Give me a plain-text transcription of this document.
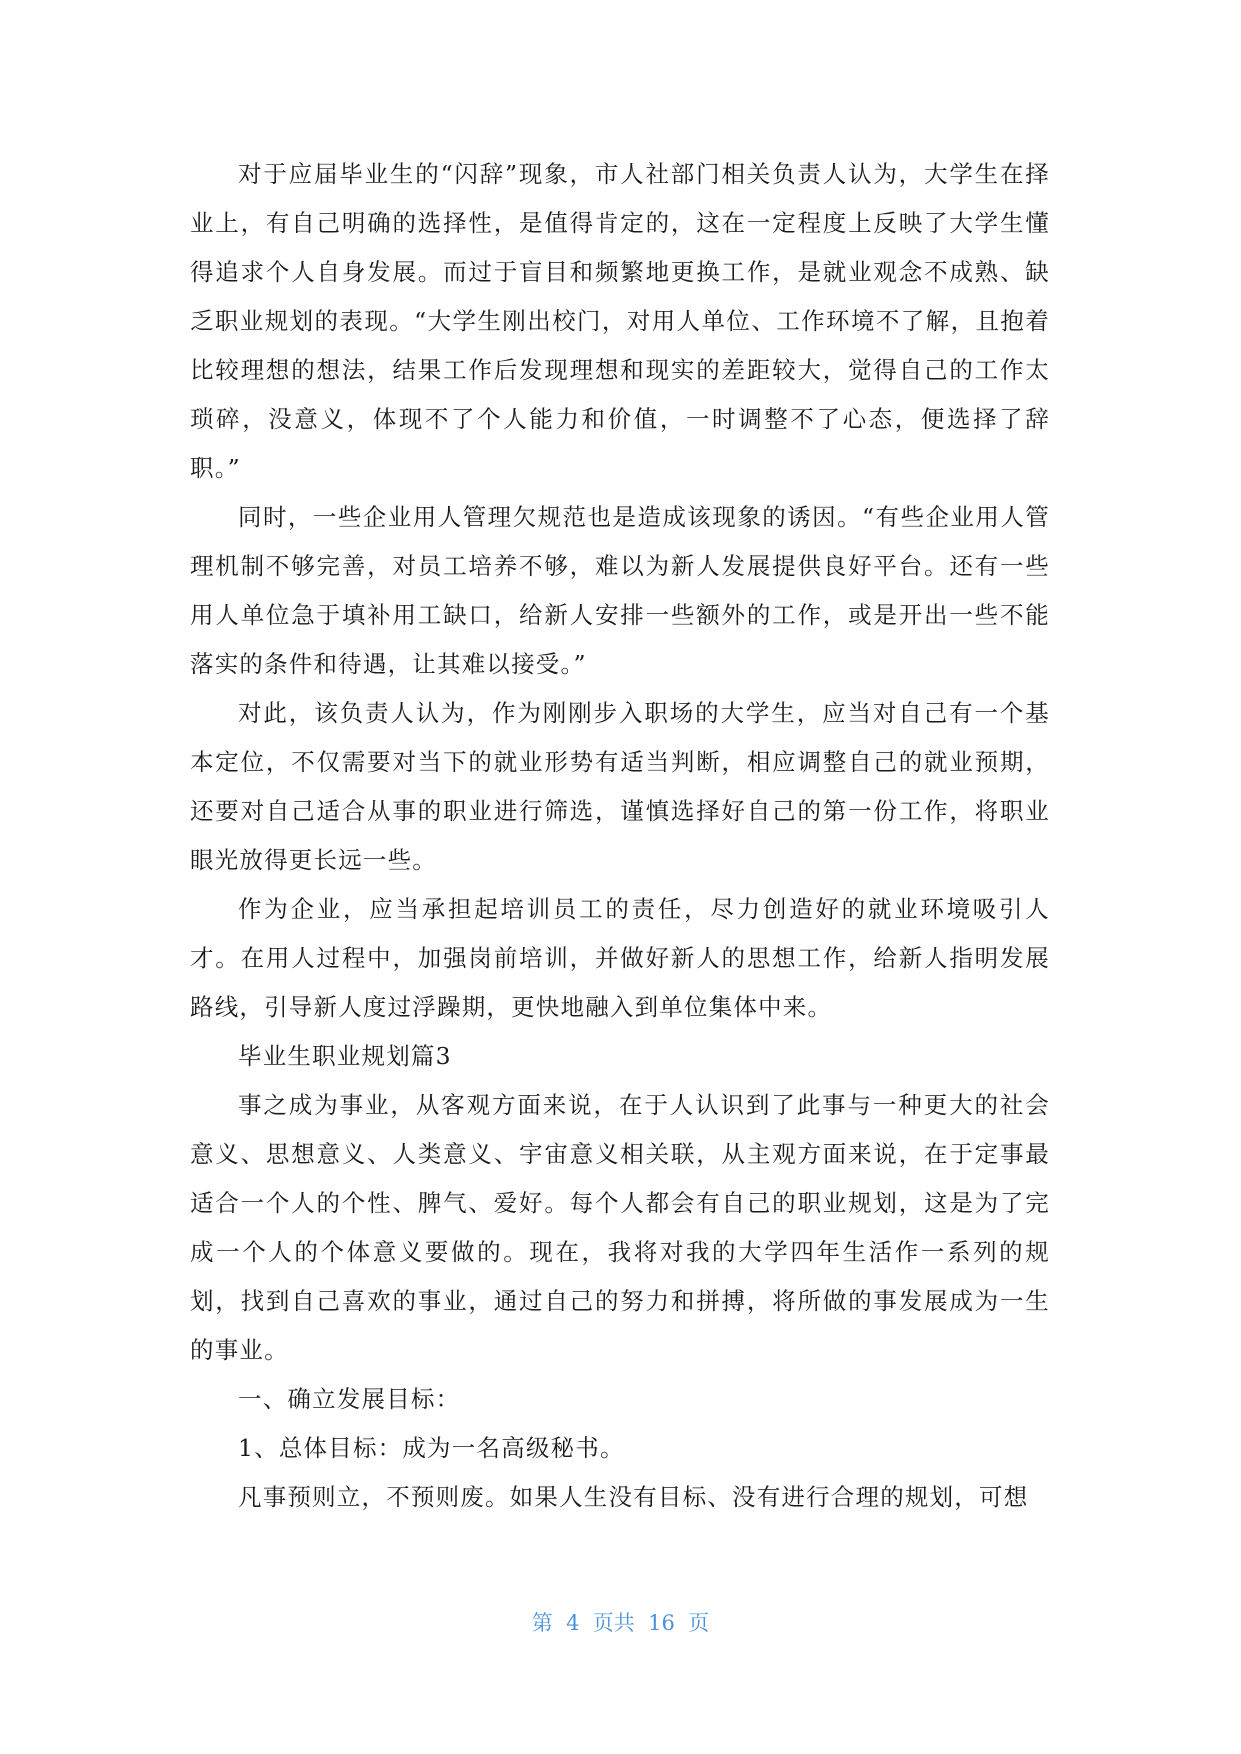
对于应届毕业生的“闪辞”现象，市人社部门相关负责人认为，大学生在择业上，有自己明确的选择性，是值得肯定的，这在一定程度上反映了大学生懂得追求个人自身发展。而过于盲目和频繁地更换工作，是就业观念不成熟、缺乏职业规划的表现。“大学生刚出校门，对用人单位、工作环境不了解，且抱着比较理想的想法，结果工作后发现理想和现实的差距较大，觉得自己的工作太琐碎，没意义，体现不了个人能力和价值，一时调整不了心态，便选择了辞职。”

同时，一些企业用人管理欠规范也是造成该现象的诱因。“有些企业用人管理机制不够完善，对员工培养不够，难以为新人发展提供良好平台。还有一些用人单位急于填补用工缺口，给新人安排一些额外的工作，或是开出一些不能落实的条件和待遇，让其难以接受。”

对此，该负责人认为，作为刚刚步入职场的大学生，应当对自己有一个基本定位，不仅需要对当下的就业形势有适当判断，相应调整自己的就业预期，还要对自己适合从事的职业进行筛选，谨慎选择好自己的第一份工作，将职业眼光放得更长远一些。

作为企业，应当承担起培训员工的责任，尽力创造好的就业环境吸引人才。在用人过程中，加强岗前培训，并做好新人的思想工作，给新人指明发展路线，引导新人度过浮躁期，更快地融入到单位集体中来。

毕业生职业规划篇3

事之成为事业，从客观方面来说，在于人认识到了此事与一种更大的社会意义、思想意义、人类意义、宇宙意义相关联，从主观方面来说，在于定事最适合一个人的个性、脾气、爱好。每个人都会有自己的职业规划，这是为了完成一个人的个体意义要做的。现在，我将对我的大学四年生活作一系列的规划，找到自己喜欢的事业，通过自己的努力和拼搏，将所做的事发展成为一生的事业。

一、确立发展目标：

1、总体目标：成为一名高级秘书。

凡事预则立，不预则废。如果人生没有目标、没有进行合理的规划，可想

第  4  页共  16  页
